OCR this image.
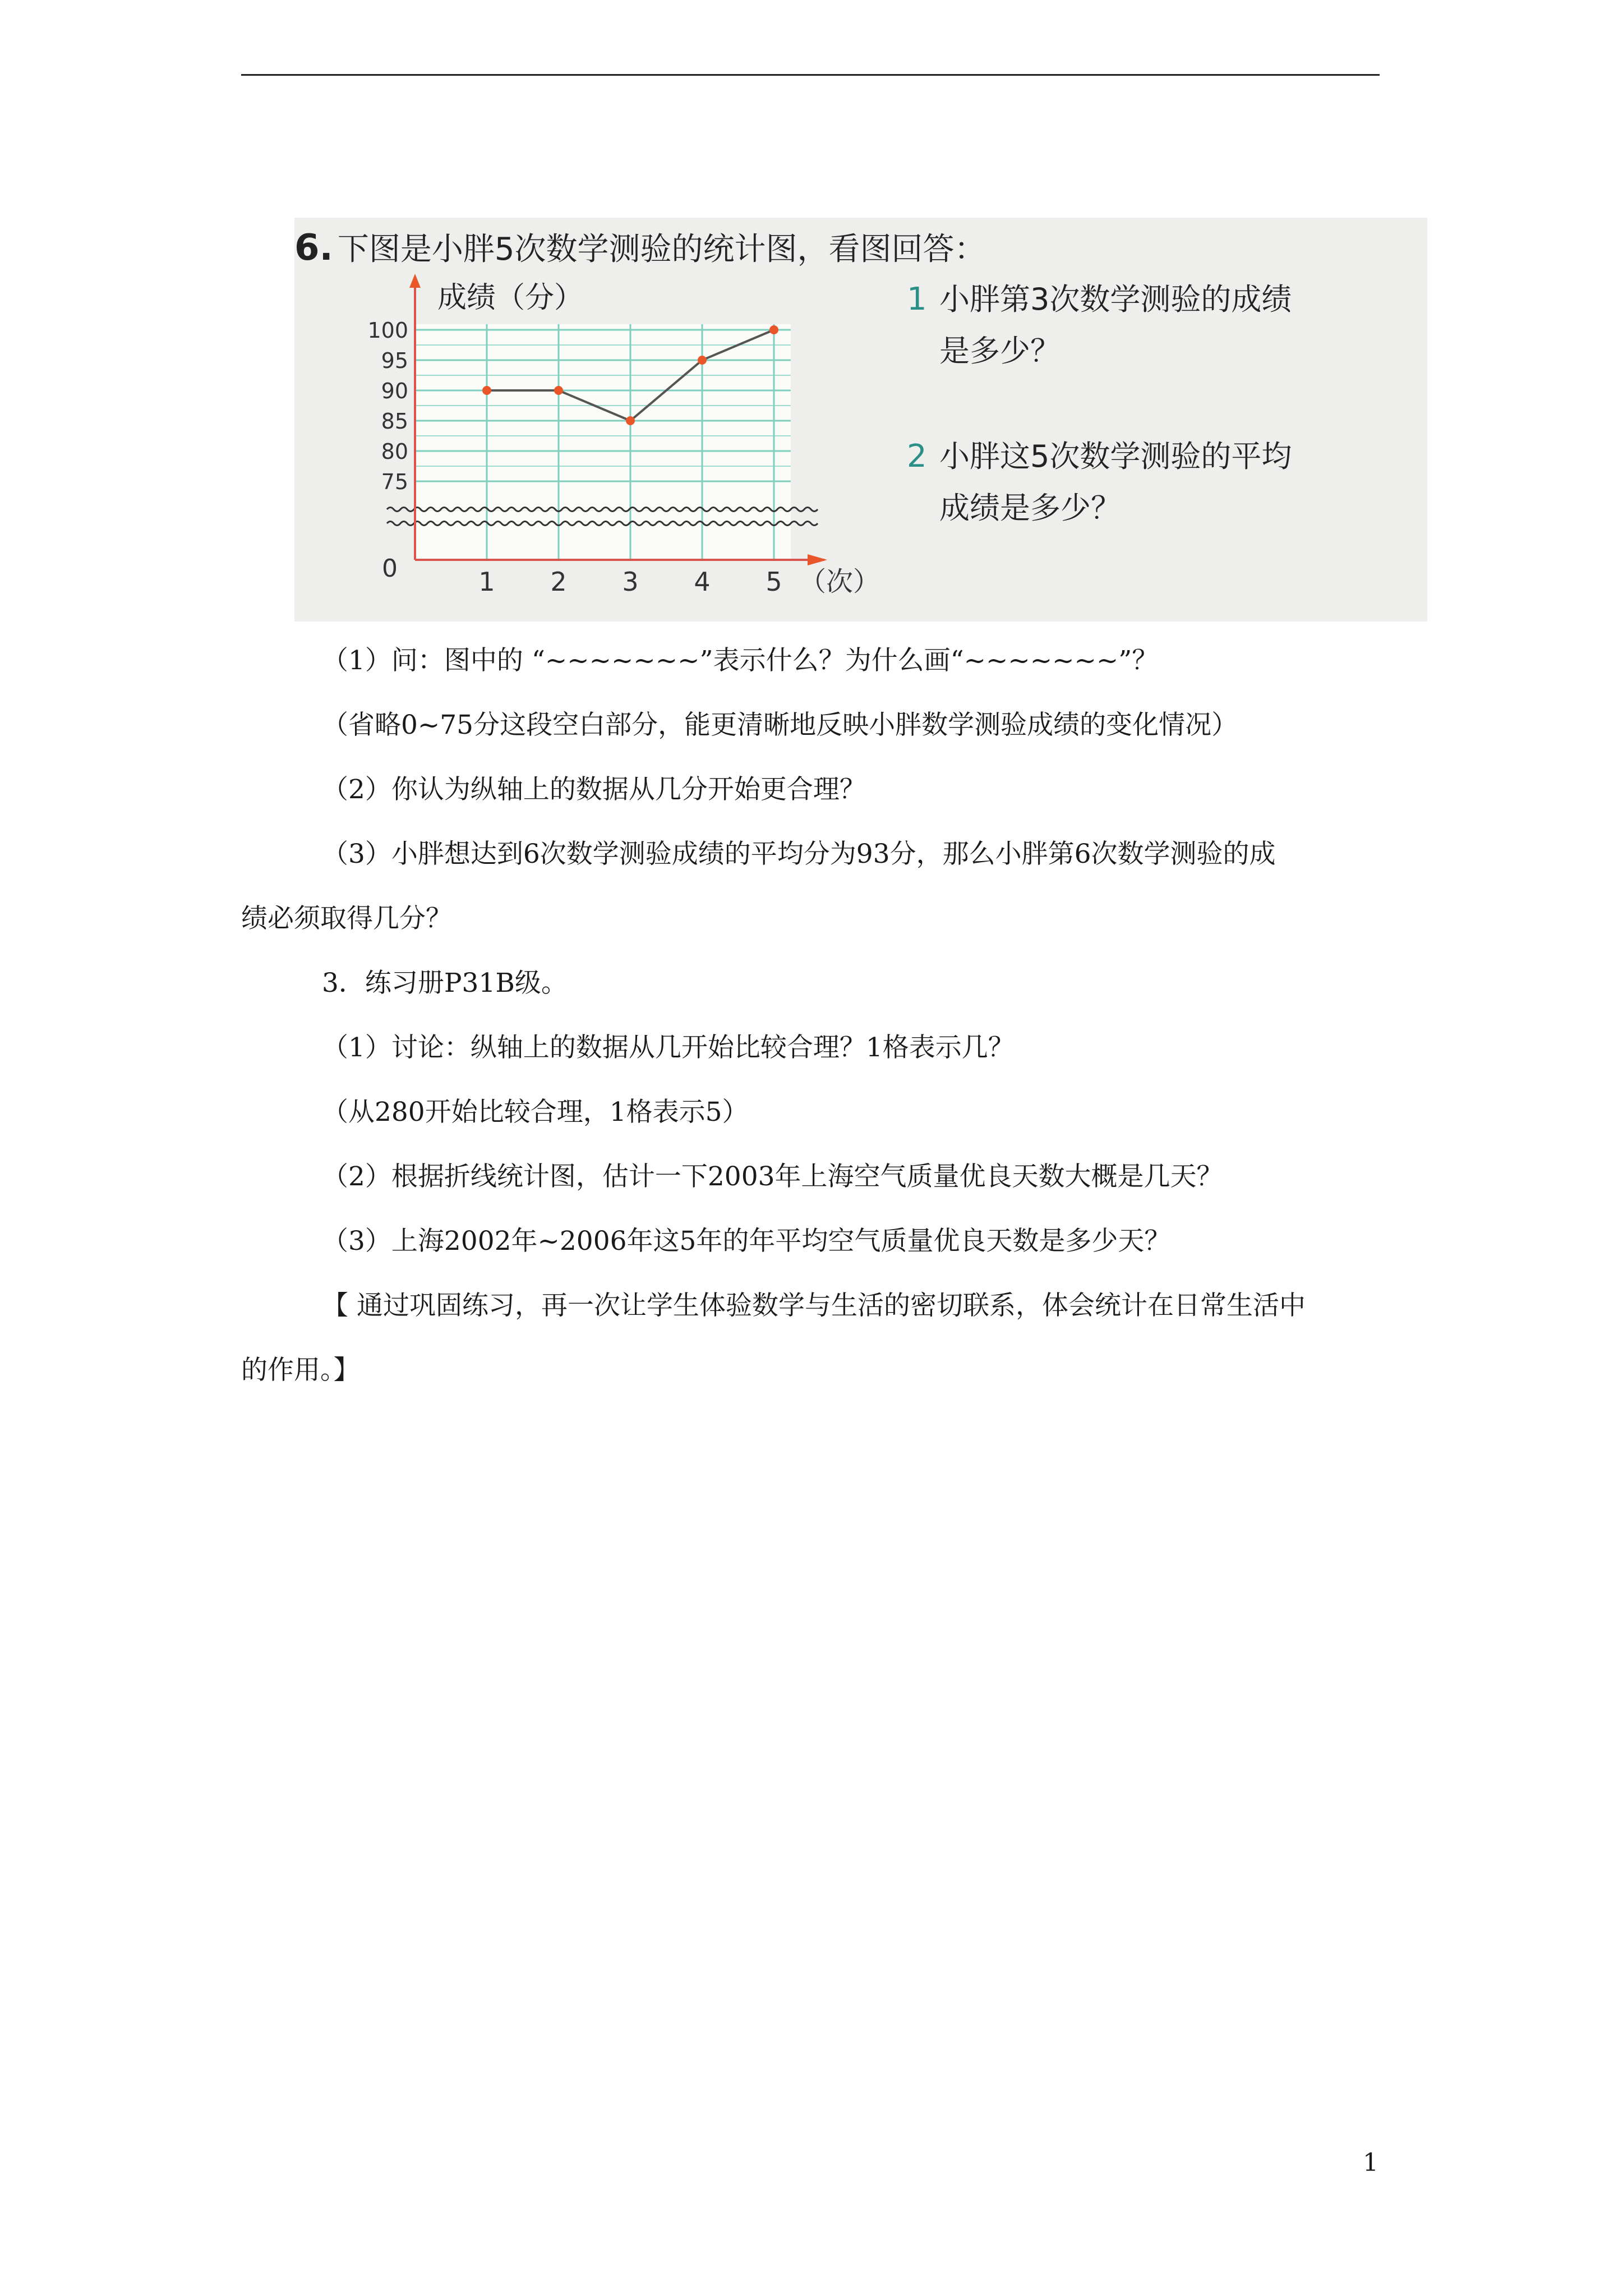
6. 下图是小胖5次数学测验的统计图，看图回答：
成绩（分）
100
95
90
85
80
75
0	1 2 3 4 5 （次）
1 小胖第3次数学测验的成绩
是多少？
2 小胖这5次数学测验的平均
成绩是多少？

（1）问：图中的 “~~~~~~~”表示什么？为什么画“~~~~~~~”？

（省略0~75分这段空白部分，能更清晰地反映小胖数学测验成绩的变化情况）

（2）你认为纵轴上的数据从几分开始更合理？

（3）小胖想达到6次数学测验成绩的平均分为93分，那么小胖第6次数学测验的成

绩必须取得几分？

3．练习册P31B级。

（1）讨论：纵轴上的数据从几开始比较合理？1格表示几？

（从280开始比较合理，1格表示5）

（2）根据折线统计图，估计一下2003年上海空气质量优良天数大概是几天？

（3）上海2002年~2006年这5年的年平均空气质量优良天数是多少天？

【 通过巩固练习，再一次让学生体验数学与生活的密切联系，体会统计在日常生活中

的作用。】

1
